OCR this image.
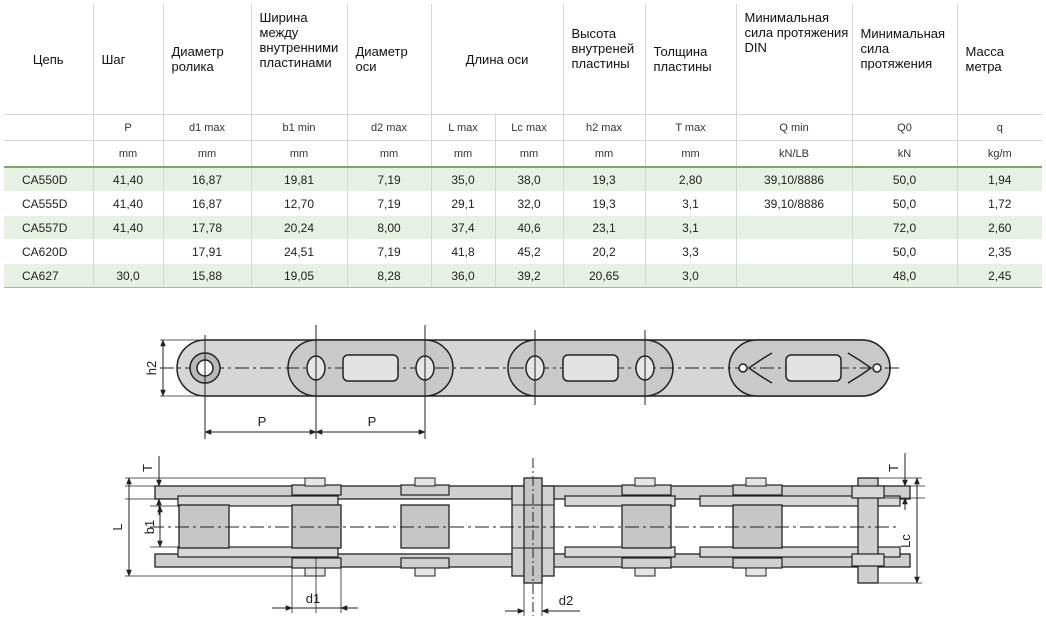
Цепь	Шаг	Диаметр ролика	Ширина между внутренними пластинами	Диаметр оси	Длина оси		Высота внутреней пластины	Толщина пластины	Минимальная сила протяжения DIN	Минимальная сила протяжения	Масса метра
	P	d1 max	b1 min	d2 max	L max	Lc max	h2 max	T max	Q min	Q0	q
	mm	mm	mm	mm	mm	mm	mm	mm	kN/LB	kN	kg/m
CA550D	41,40	16,87	19,81	7,19	35,0	38,0	19,3	2,80	39,10/8886	50,0	1,94
CA555D	41,40	16,87	12,70	7,19	29,1	32,0	19,3	3,1	39,10/8886	50,0	1,72
CA557D	41,40	17,78	20,24	8,00	37,4	40,6	23,1	3,1		72,0	2,60
CA620D		17,91	24,51	7,19	41,8	45,2	20,2	3,3		50,0	2,35
CA627	30,0	15,88	19,05	8,28	36,0	39,2	20,65	3,0		48,0	2,45
P	P
h2
T
L b1
T
Lc
d1	d2
